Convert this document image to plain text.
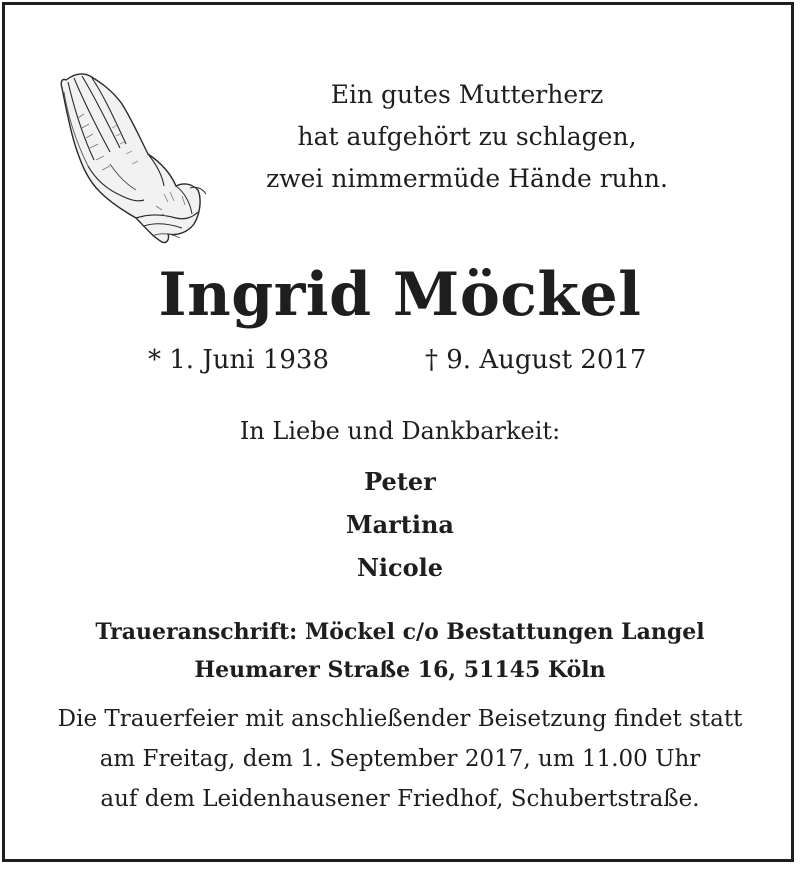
Ein gutes Mutterherz
hat aufgehört zu schlagen,
zwei nimmermüde Hände ruhn.
Ingrid Möckel
* 1. Juni 1938	† 9. August 2017
In Liebe und Dankbarkeit:
Peter
Martina
Nicole
Traueranschrift: Möckel c/o Bestattungen Langel
Heumarer Straße 16, 51145 Köln
Die Trauerfeier mit anschließender Beisetzung findet statt
am Freitag, dem 1. September 2017, um 11.00 Uhr
auf dem Leidenhausener Friedhof, Schubertstraße.
